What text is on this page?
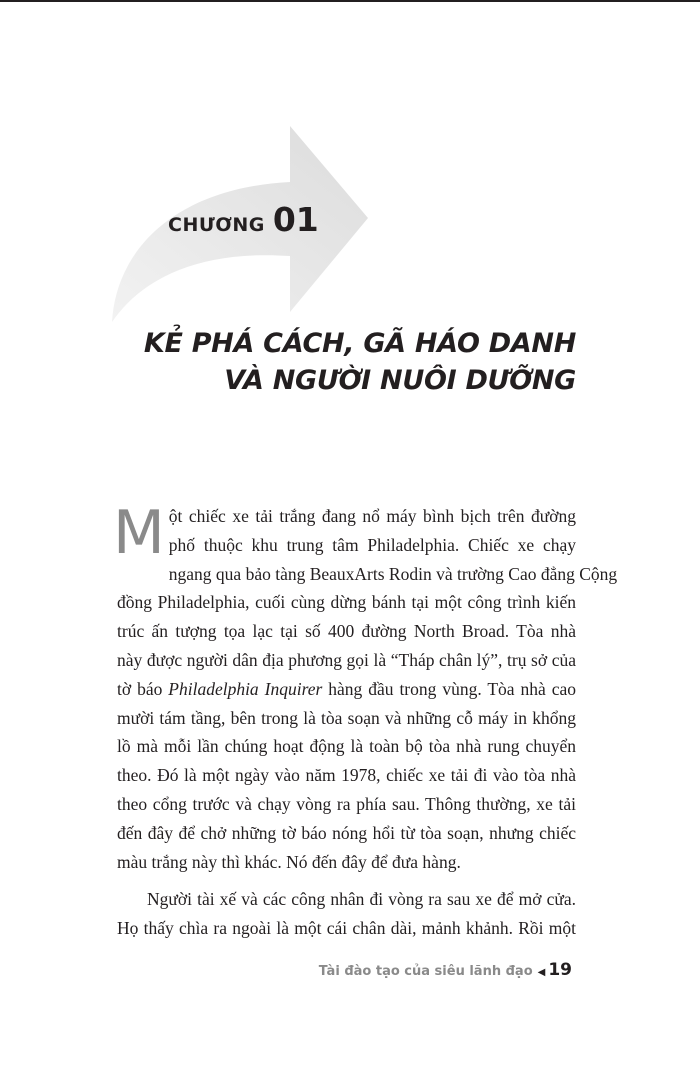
CHƯƠNG 01
KẺ PHÁ CÁCH, GÃ HÁO DANH
VÀ NGƯỜI NUÔI DƯỠNG
M ột chiếc xe tải trắng đang nổ máy bình bịch trên đường
phố thuộc khu trung tâm Philadelphia. Chiếc xe chạy
ngang qua bảo tàng BeauxArts Rodin và trường Cao đẳng Cộng
đồng Philadelphia, cuối cùng dừng bánh tại một công trình kiến
trúc ấn tượng tọa lạc tại số 400 đường North Broad. Tòa nhà
này được người dân địa phương gọi là “Tháp chân lý”, trụ sở của
tờ báo Philadelphia Inquirer hàng đầu trong vùng. Tòa nhà cao
mười tám tầng, bên trong là tòa soạn và những cỗ máy in khổng
lồ mà mỗi lần chúng hoạt động là toàn bộ tòa nhà rung chuyển
theo. Đó là một ngày vào năm 1978, chiếc xe tải đi vào tòa nhà
theo cổng trước và chạy vòng ra phía sau. Thông thường, xe tải
đến đây để chở những tờ báo nóng hổi từ tòa soạn, nhưng chiếc
màu trắng này thì khác. Nó đến đây để đưa hàng.
Người tài xế và các công nhân đi vòng ra sau xe để mở cửa.
Họ thấy chìa ra ngoài là một cái chân dài, mảnh khảnh. Rồi một
Tài đào tạo của siêu lãnh đạo ◀ 19
